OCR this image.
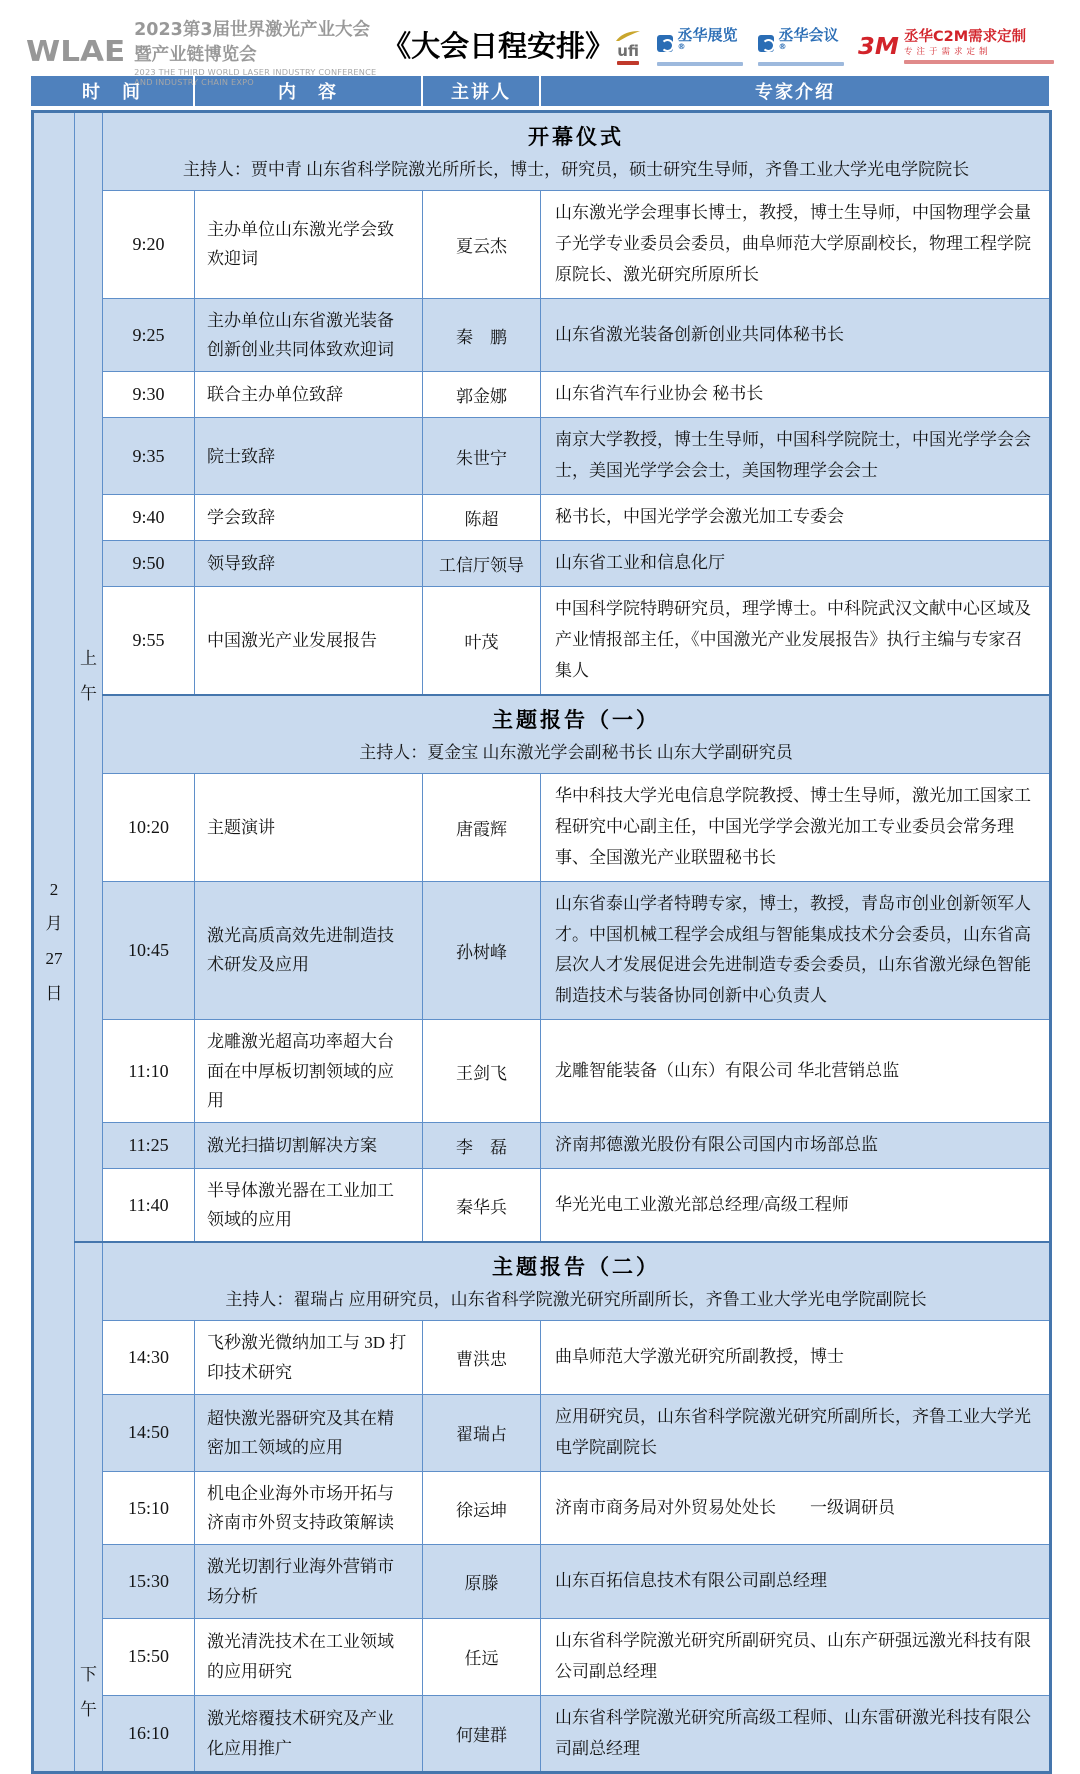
WLAE
2023第3届世界激光产业大会暨产业链博览会
2023 THE THIRD WORLD LASER INDUSTRY CONFERENCE AND INDUSTRY CHAIN EXPO
《大会日程安排》 ufi
丞华展览®
丞华会议®	3M 丞华C2M需求定制
专注于需求定制
时　间	内　容	主讲人	专家介绍
2
月
27
日	上
午	
开幕仪式
主持人：贾中青 山东省科学院激光所所长，博士，研究员，硕士研究生导师，齐鲁工业大学光电学院院长

		9:20	主办单位山东激光学会致欢迎词	夏云杰	山东激光学会理事长博士，教授，博士生导师，中国物理学会量子光学专业委员会委员，曲阜师范大学原副校长，物理工程学院原院长、激光研究所原所长
		9:25	主办单位山东省激光装备创新创业共同体致欢迎词	秦　鹏	山东省激光装备创新创业共同体秘书长
		9:30	联合主办单位致辞	郭金娜	山东省汽车行业协会 秘书长
		9:35	院士致辞	朱世宁	南京大学教授，博士生导师，中国科学院院士，中国光学学会会士，美国光学学会会士，美国物理学会会士
		9:40	学会致辞	陈超	秘书长，中国光学学会激光加工专委会
		9:50	领导致辞	工信厅领导	山东省工业和信息化厅
		9:55	中国激光产业发展报告	叶茂	中国科学院特聘研究员，理学博士。中科院武汉文献中心区域及产业情报部主任，《中国激光产业发展报告》执行主编与专家召集人

		主题报告（一）
主持人：夏金宝 山东激光学会副秘书长 山东大学副研究员			

		10:20	主题演讲	唐霞辉	华中科技大学光电信息学院教授、博士生导师，激光加工国家工程研究中心副主任，中国光学学会激光加工专业委员会常务理事、全国激光产业联盟秘书长
		10:45	激光高质高效先进制造技术研发及应用	孙树峰	山东省泰山学者特聘专家，博士，教授，青岛市创业创新领军人才。中国机械工程学会成组与智能集成技术分会委员，山东省高层次人才发展促进会先进制造专委会委员，山东省激光绿色智能制造技术与装备协同创新中心负责人
		11:10	龙雕激光超高功率超大台面在中厚板切割领域的应用	王剑飞	龙雕智能装备（山东）有限公司 华北营销总监
		11:25	激光扫描切割解决方案	李　磊	济南邦德激光股份有限公司国内市场部总监
		11:40	半导体激光器在工业加工领域的应用	秦华兵	华光光电工业激光部总经理/高级工程师
下
午	
主题报告（二）
主持人：翟瑞占 应用研究员，山东省科学院激光研究所副所长，齐鲁工业大学光电学院副院长

		14:30	飞秒激光微纳加工与 3D 打印技术研究	曹洪忠	曲阜师范大学激光研究所副教授，博士
		14:50	超快激光器研究及其在精密加工领域的应用	翟瑞占	应用研究员，山东省科学院激光研究所副所长，齐鲁工业大学光电学院副院长
		15:10	机电企业海外市场开拓与济南市外贸支持政策解读	徐运坤	济南市商务局对外贸易处处长　　一级调研员
		15:30	激光切割行业海外营销市场分析	原滕	山东百拓信息技术有限公司副总经理
		15:50	激光清洗技术在工业领域的应用研究	任远	山东省科学院激光研究所副研究员、山东产研强远激光科技有限公司副总经理
		16:10	激光熔覆技术研究及产业化应用推广	何建群	山东省科学院激光研究所高级工程师、山东雷研激光科技有限公司副总经理
